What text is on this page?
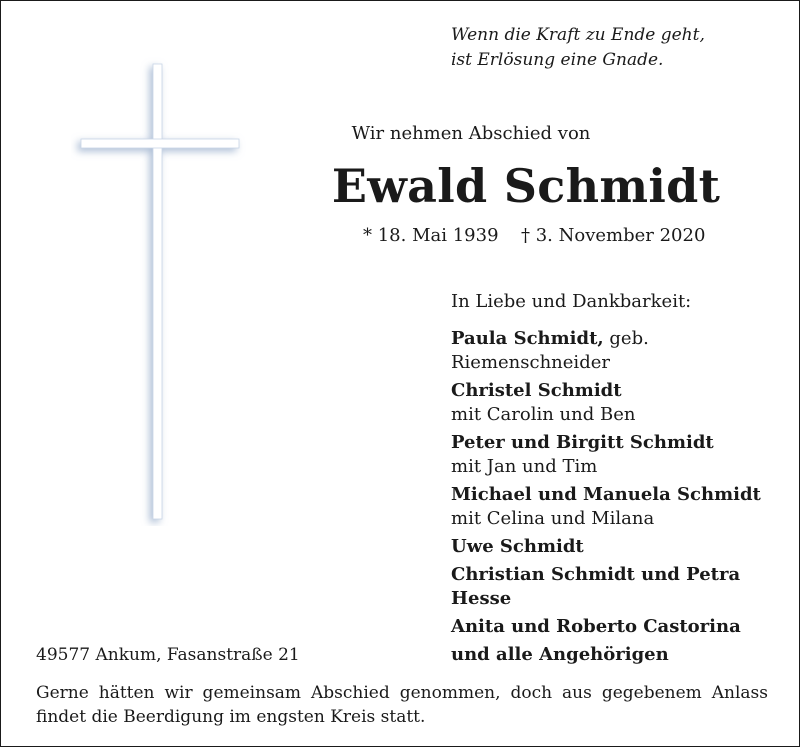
Wenn die Kraft zu Ende geht,
ist Erlösung eine Gnade.

Wir nehmen Abschied von

Ewald Schmidt

* 18. Mai 1939 † 3. November 2020

In Liebe und Dankbarkeit:

Paula Schmidt, geb. Riemenschneider

Christel Schmidt
mit Carolin und Ben

Peter und Birgitt Schmidt
mit Jan und Tim

Michael und Manuela Schmidt
mit Celina und Milana

Uwe Schmidt

Christian Schmidt und Petra Hesse

Anita und Roberto Castorina

und alle Angehörigen

49577 Ankum, Fasanstraße 21

Gerne hätten wir gemeinsam Abschied genommen, doch aus gegebenem Anlass findet die Beerdigung im engsten Kreis statt.
